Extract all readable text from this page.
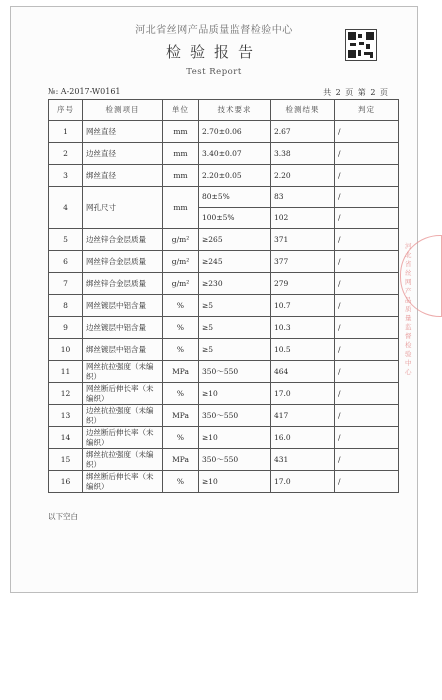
河北省丝网产品质量监督检验中心
检验报告
Test Report
№: A-2017-W0161	共 2 页 第 2 页
序号	检测项目	单位	技术要求	检测结果	判定
1	网丝直径	mm	2.70±0.06	2.67	/
2	边丝直径	mm	3.40±0.07	3.38	/
3	绑丝直径	mm	2.20±0.05	2.20	/
4	网孔尺寸	mm	80±5%	83	/
			100±5%	102	/
5	边丝锌合金层质量	g/m²	≥265	371	/
6	网丝锌合金层质量	g/m²	≥245	377	/
7	绑丝锌合金层质量	g/m²	≥230	279	/
8	网丝镀层中铝含量	%	≥5	10.7	/
9	边丝镀层中铝含量	%	≥5	10.3	/
10	绑丝镀层中铝含量	%	≥5	10.5	/
11	网丝抗拉强度（未编织）	MPa	350～550	464	/
12	网丝断后伸长率（未编织）	%	≥10	17.0	/
13	边丝抗拉强度（未编织）	MPa	350～550	417	/
14	边丝断后伸长率（未编织）	%	≥10	16.0	/
15	绑丝抗拉强度（未编织）	MPa	350～550	431	/
16	绑丝断后伸长率（未编织）	%	≥10	17.0	/
以下空白
河北省丝网产品质量监督检验中心
